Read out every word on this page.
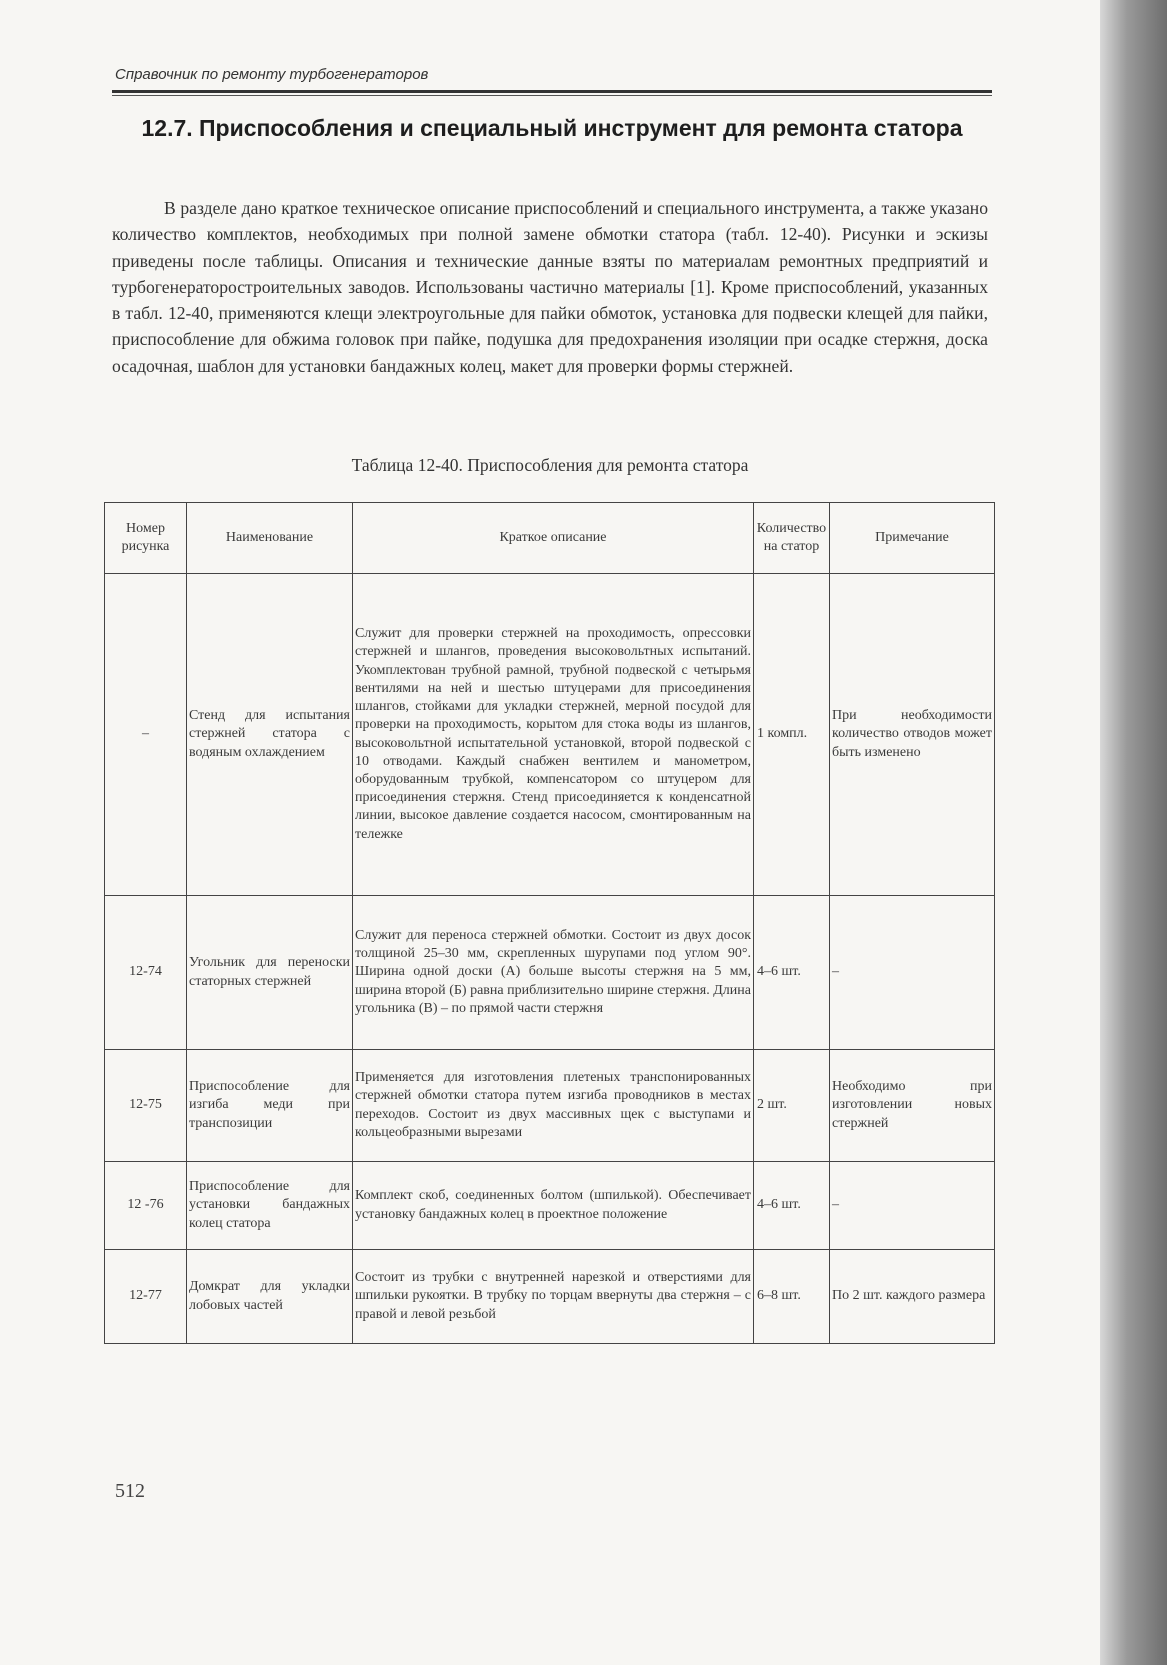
Справочник по ремонту турбогенераторов
12.7. Приспособления и специальный инструмент для ремонта статора
В разделе дано краткое техническое описание приспособлений и специального инструмента, а также указано количество комплектов, необходимых при полной замене обмотки статора (табл. 12-40). Рисунки и эскизы приведены после таблицы. Описания и технические данные взяты по материалам ремонтных предприятий и турбогенераторостроительных заводов. Использованы частично материалы [1]. Кроме приспособлений, указанных в табл. 12-40, применяются клещи электроугольные для пайки обмоток, установка для подвески клещей для пайки, приспособление для обжима головок при пайке, подушка для предохранения изоляции при осадке стержня, доска осадочная, шаблон для установки бандажных колец, макет для проверки формы стержней.
Таблица 12-40. Приспособления для ремонта статора
Номер рисунка	Наименование	Краткое описание	Количество на статор	Примечание
–	Стенд для испытания стержней статора с водяным охлаждением	Служит для проверки стержней на проходимость, опрессовки стержней и шлангов, проведения высоковольтных испытаний. Укомплектован трубной рамной, трубной подвеской с четырьмя вентилями на ней и шестью штуцерами для присоединения шлангов, стойками для укладки стержней, мерной посудой для проверки на проходимость, корытом для стока воды из шлангов, высоковольтной испытательной установкой, второй подвеской с 10 отводами. Каждый снабжен вентилем и манометром, оборудованным трубкой, компенсатором со штуцером для присоединения стержня. Стенд присоединяется к конденсатной линии, высокое давление создается насосом, смонтированным на тележке	1 компл.	При необходимости количество отводов может быть изменено
12-74	Угольник для переноски статорных стержней	Служит для переноса стержней обмотки. Состоит из двух досок толщиной 25–30 мм, скрепленных шурупами под углом 90°. Ширина одной доски (А) больше высоты стержня на 5 мм, ширина второй (Б) равна приблизительно ширине стержня. Длина угольника (В) – по прямой части стержня	4–6 шт.	–
12-75	Приспособление для изгиба меди при транспозиции	Применяется для изготовления плетеных транспонированных стержней обмотки статора путем изгиба проводников в местах переходов. Состоит из двух массивных щек с выступами и кольцеобразными вырезами	2 шт.	Необходимо при изготовлении новых стержней
12 -76	Приспособление для установки бандажных колец статора	Комплект скоб, соединенных болтом (шпилькой). Обеспечивает установку бандажных колец в проектное положение	4–6 шт.	–
12-77	Домкрат для укладки лобовых частей	Состоит из трубки с внутренней нарезкой и отверстиями для шпильки рукоятки. В трубку по торцам ввернуты два стержня – с правой и левой резьбой	6–8 шт.	По 2 шт. каждого размера
512
